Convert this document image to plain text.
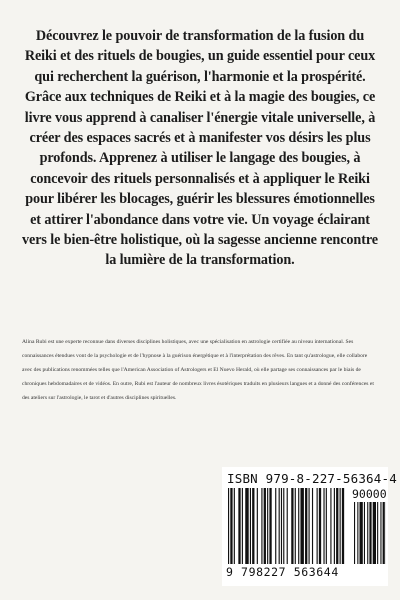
Découvrez le pouvoir de transformation de la fusion du Reiki et des rituels de bougies, un guide essentiel pour ceux qui recherchent la guérison, l'harmonie et la prospérité. Grâce aux techniques de Reiki et à la magie des bougies, ce livre vous apprend à canaliser l'énergie vitale universelle, à créer des espaces sacrés et à manifester vos désirs les plus profonds. Apprenez à utiliser le langage des bougies, à concevoir des rituels personnalisés et à appliquer le Reiki pour libérer les blocages, guérir les blessures émotionnelles et attirer l'abondance dans votre vie. Un voyage éclairant vers le bien-être holistique, où la sagesse ancienne rencontre la lumière de la transformation.

Alina Rubi est une experte reconnue dans diverses disciplines holistiques, avec une spécialisation en astrologie certifiée au niveau international. Ses connaissances étendues vont de la psychologie et de l'hypnose à la guérison énergétique et à l'interprétation des rêves. En tant qu'astrologue, elle collabore avec des publications renommées telles que l'American Association of Astrologers et El Nuevo Herald, où elle partage ses connaissances par le biais de chroniques hebdomadaires et de vidéos. En outre, Rubi est l'auteur de nombreux livres ésotériques traduits en plusieurs langues et a donné des conférences et des ateliers sur l'astrologie, le tarot et d'autres disciplines spirituelles.

ISBN 979-8-227-56364-4
90000
9 798227 563644
